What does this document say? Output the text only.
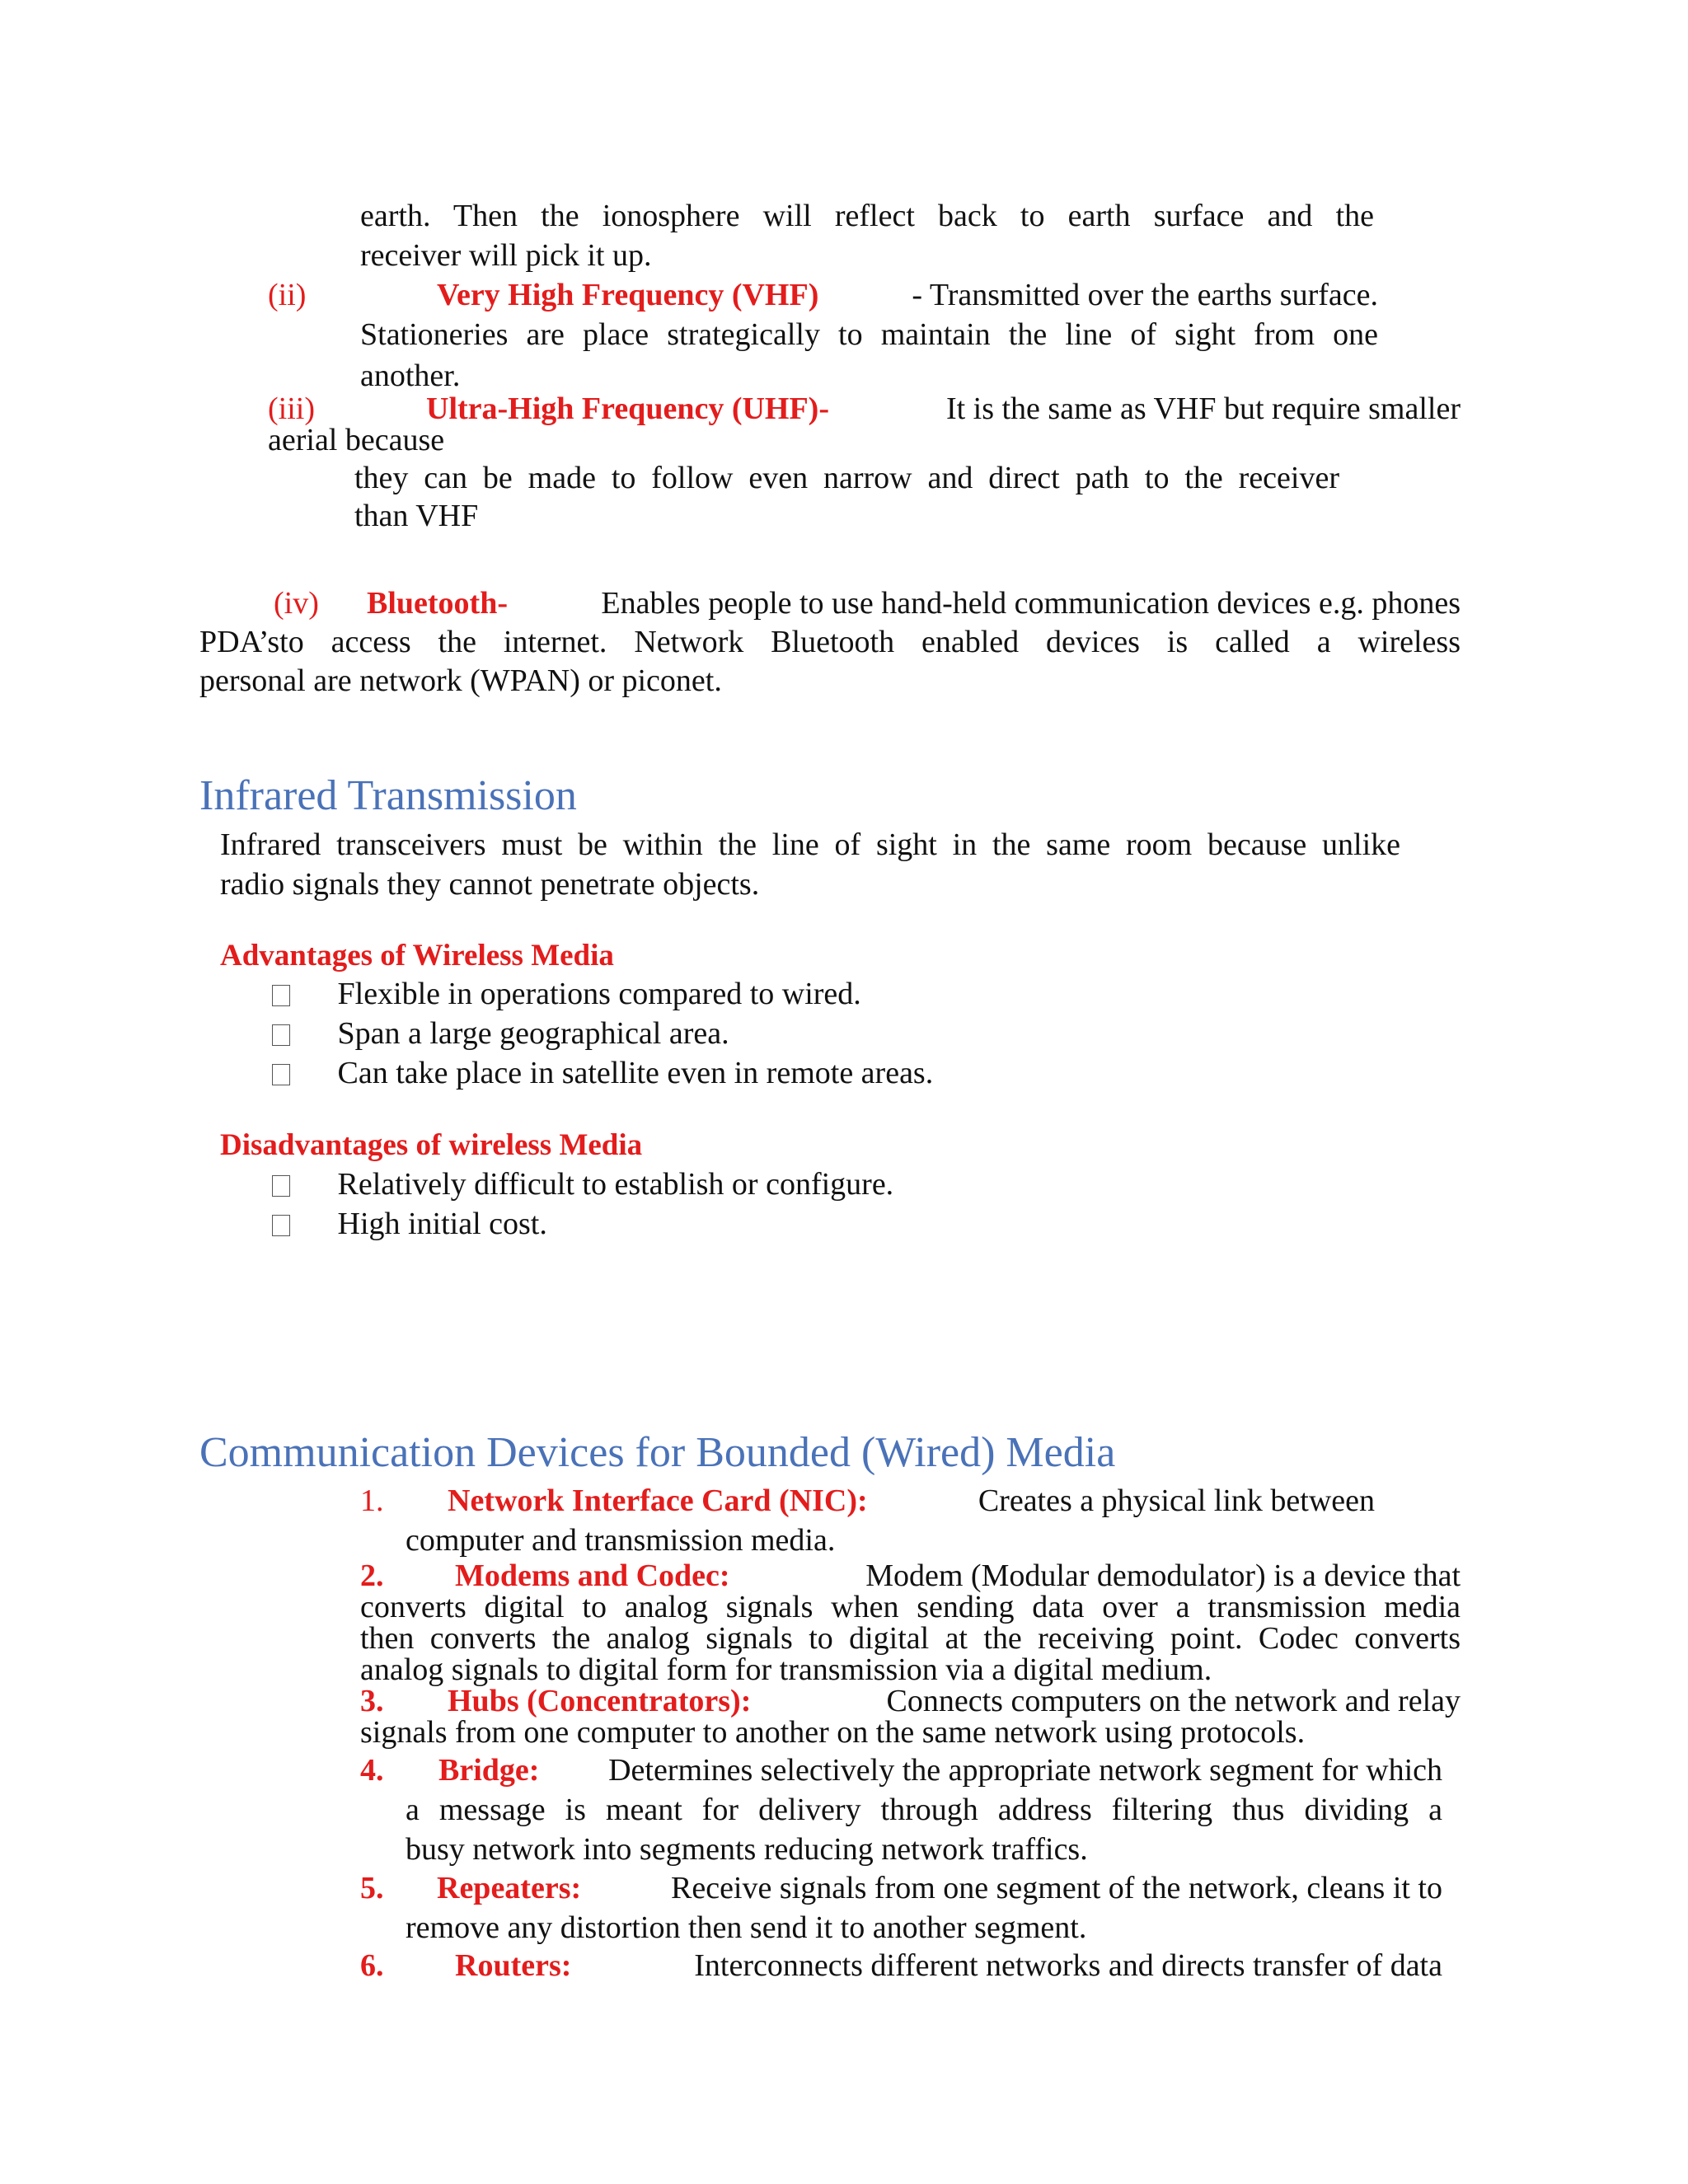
earth. Then the ionosphere will reflect back to earth surface and the
receiver will pick it up.
(ii)	Very High Frequency (VHF)	- Transmitted over the earths surface.
Stationeries are place strategically to maintain the line of sight from one
another.
(iii)	Ultra-High Frequency (UHF)-	It is the same as VHF but require smaller
aerial because
they can be made to follow even narrow and direct path to the receiver
than VHF
(iv) Bluetooth-	Enables people to use hand-held communication devices e.g. phones
PDA’sto access the internet. Network Bluetooth enabled devices is called a wireless
personal are network (WPAN) or piconet.
Infrared Transmission
Infrared transceivers must be within the line of sight in the same room because unlike
radio signals they cannot penetrate objects.
Advantages of Wireless Media
Flexible in operations compared to wired.
Span a large geographical area.
Can take place in satellite even in remote areas.
Disadvantages of wireless Media
Relatively difficult to establish or configure.
High initial cost.
Communication Devices for Bounded (Wired) Media
1. Network Interface Card (NIC):	Creates a physical link between
computer and transmission media.
2. Modems and Codec:	Modem (Modular demodulator) is a device that
converts digital to analog signals when sending data over a transmission media
then converts the analog signals to digital at the receiving point. Codec converts
analog signals to digital form for transmission via a digital medium.
3. Hubs (Concentrators):	Connects computers on the network and relay
signals from one computer to another on the same network using protocols.
4. Bridge: Determines selectively the appropriate network segment for which
a message is meant for delivery through address filtering thus dividing a
busy network into segments reducing network traffics.
5. Repeaters:	Receive signals from one segment of the network, cleans it to
remove any distortion then send it to another segment.
6. Routers:	Interconnects different networks and directs transfer of data
